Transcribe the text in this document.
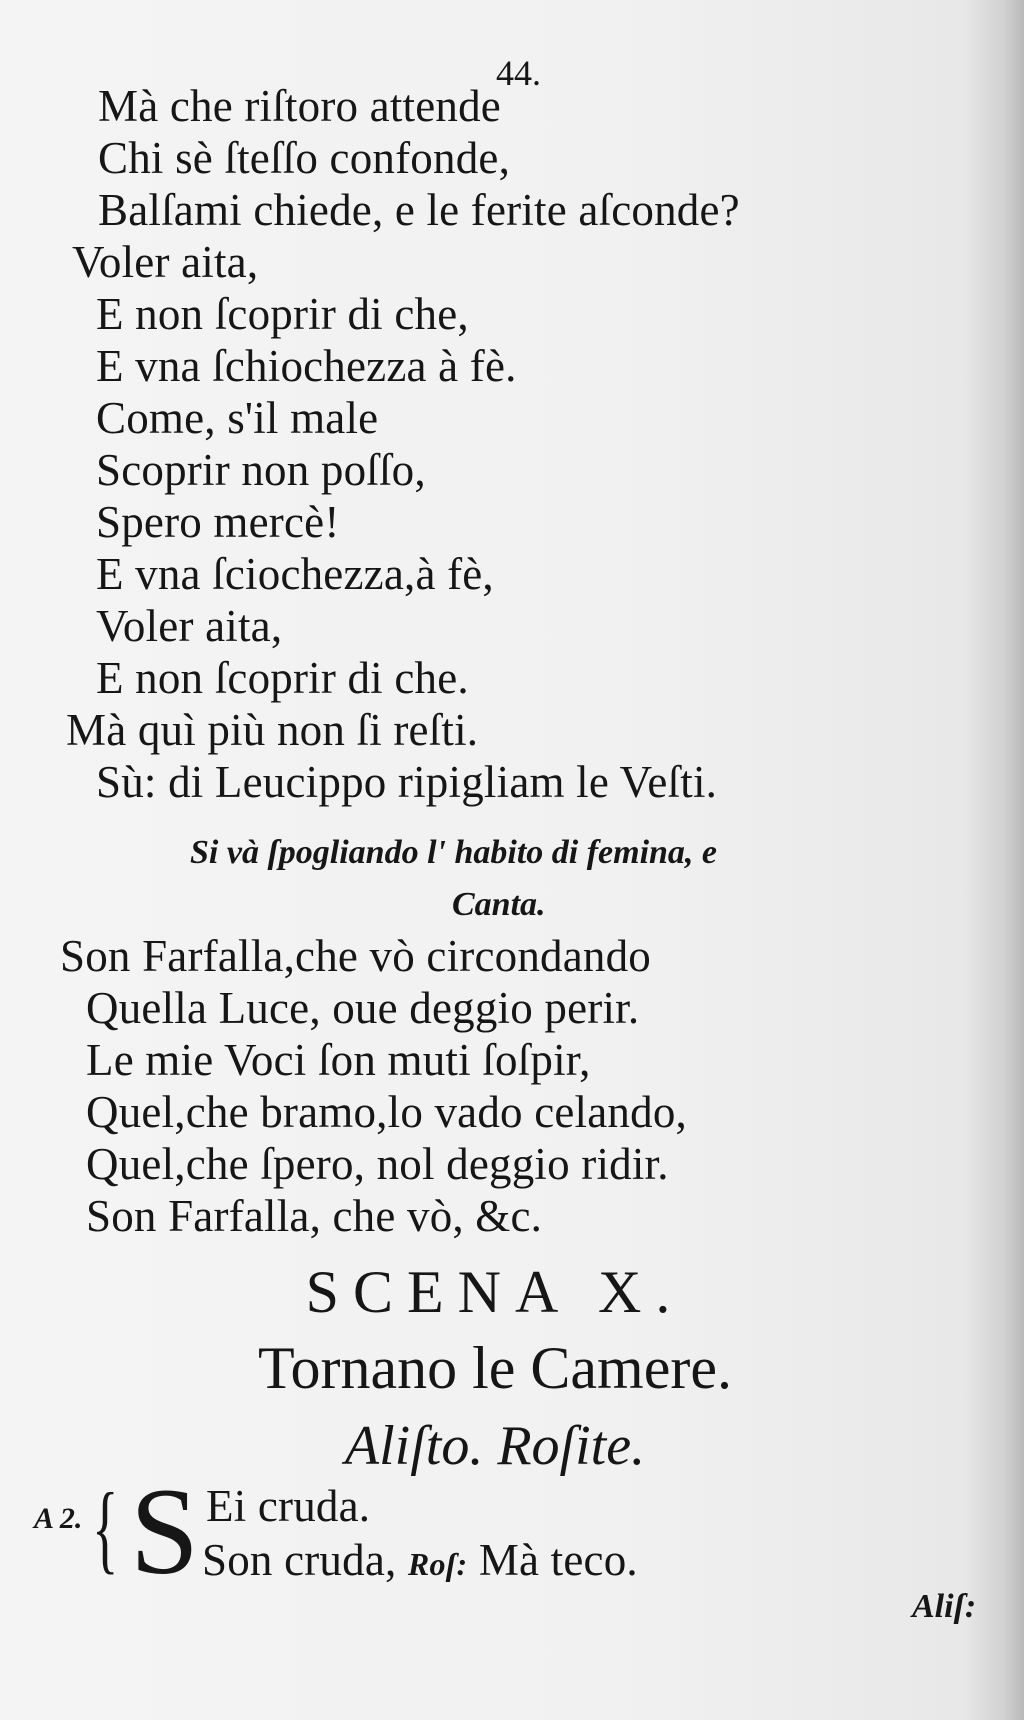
44.
Mà che riſtoro attende
Chi sè ſteſſo confonde,
Balſami chiede, e le ferite aſconde?
Voler aita,
E non ſcoprir di che,
E vna ſchiochezza à fè.
Come, s'il male
Scoprir non poſſo,
Spero mercè!
E vna ſciochezza,à fè,
Voler aita,
E non ſcoprir di che.
Mà quì più non ſi reſti.
Sù: di Leucippo ripigliam le Veſti.
Si và ſpogliando l' habito di femina, e
Canta.
Son Farfalla,che vò circondando
Quella Luce, oue deggio perir.
Le mie Voci ſon muti ſoſpir,
Quel,che bramo,lo vado celando,
Quel,che ſpero, nol deggio ridir.
Son Farfalla, che vò, &c.
SCENA X.
Tornano le Camere.
Aliſto. Roſite.
A 2. { S Ei cruda.
Son cruda, Roſ: Mà teco.
Aliſ:
